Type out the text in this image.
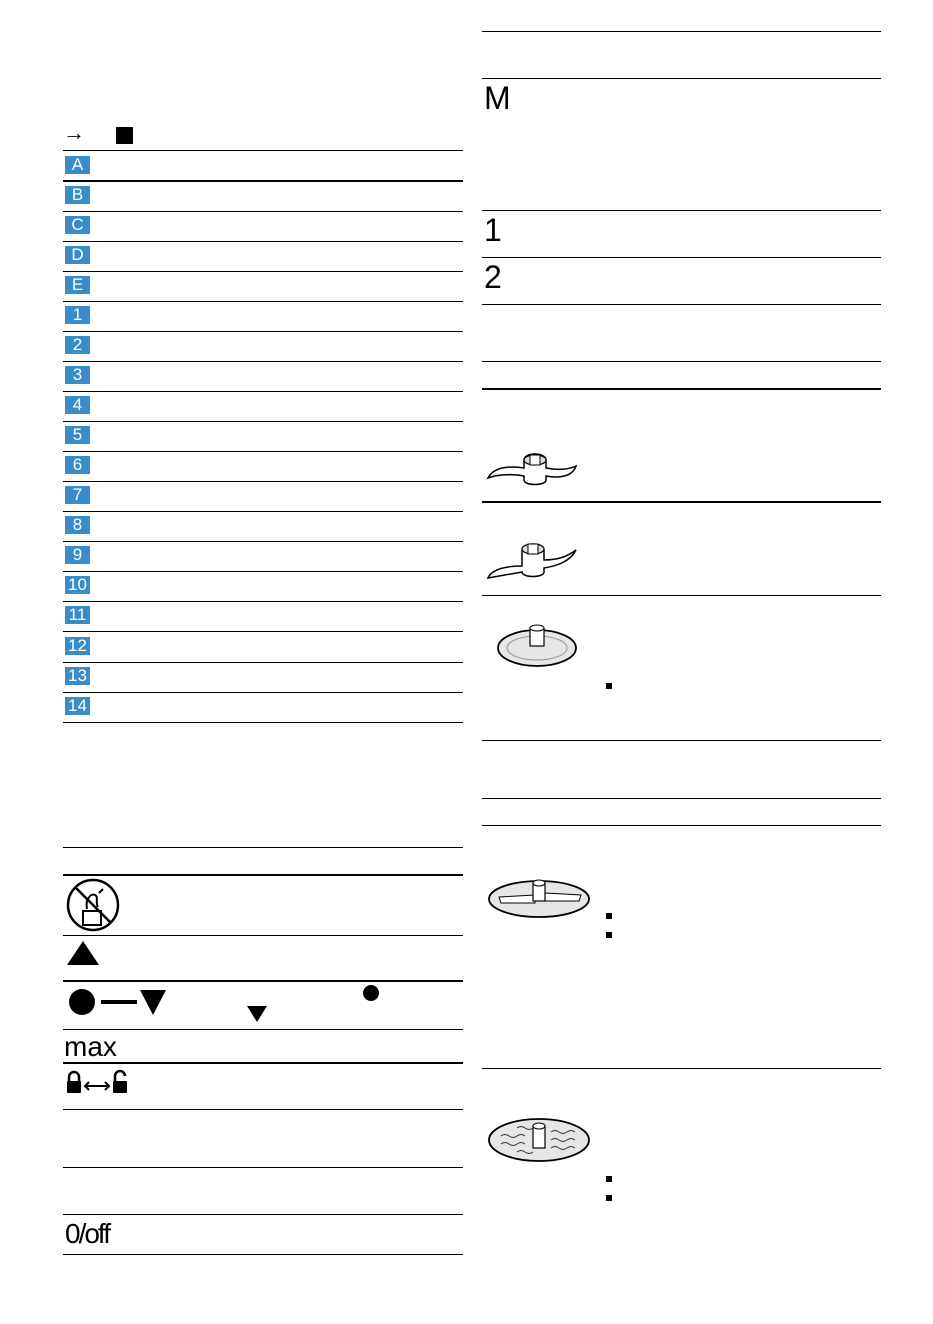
→
A
B
C
D
E
1
2
3
4
5
6
7
8
9
10
11
12
13
14
max
0/off
M
1
2
